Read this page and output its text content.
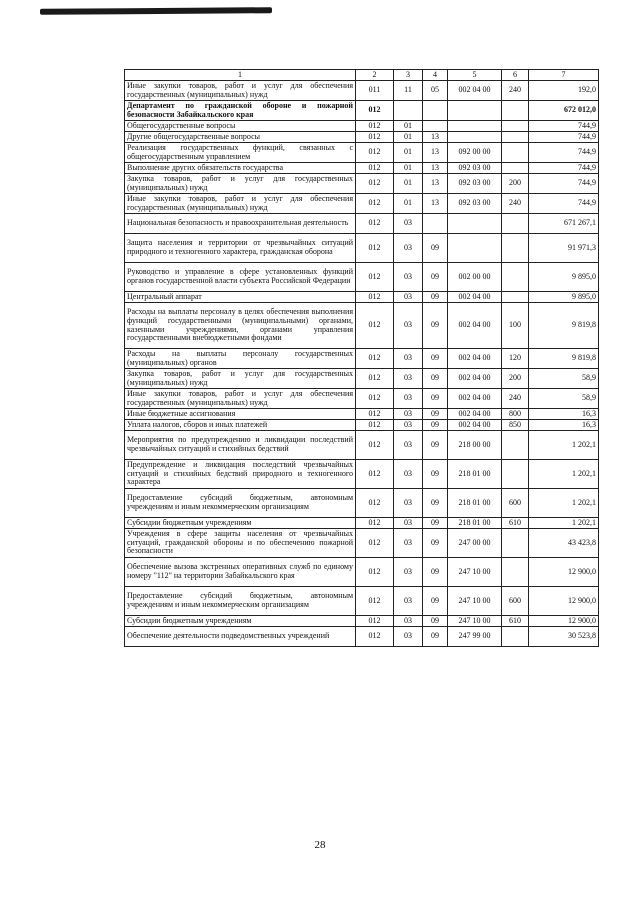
1	2	3	4	5	6	7
Иные закупки товаров, работ и услуг для обеспечения государственных (муниципальных) нужд	011	11	05	002 04 00	240	192,0
Департамент по гражданской обороне и пожарной безопасности Забайкальского края	012					672 012,0
Общегосударственные вопросы	012	01				744,9
Другие общегосударственные вопросы	012	01	13			744,9
Реализация государственных функций, связанных с общегосударственным управлением	012	01	13	092 00 00		744,9
Выполнение других обязательств государства	012	01	13	092 03 00		744,9
Закупка товаров, работ и услуг для государственных (муниципальных) нужд	012	01	13	092 03 00	200	744,9
Иные закупки товаров, работ и услуг для обеспечения государственных (муниципальных) нужд	012	01	13	092 03 00	240	744,9
Национальная безопасность и правоохранительная деятельность	012	03				671 267,1
Защита населения и территории от чрезвычайных ситуаций природного и техногенного характера, гражданская оборона	012	03	09			91 971,3
Руководство и управление в сфере установленных функций органов государственной власти субъекта Российской Федерации	012	03	09	002 00 00		9 895,0
Центральный аппарат	012	03	09	002 04 00		9 895,0
Расходы на выплаты персоналу в целях обеспечения выполнения функций государственными (муниципальными) органами, казенными учреждениями, органами управления государственными внебюджетными фондами	012	03	09	002 04 00	100	9 819,8
Расходы на выплаты персоналу государственных (муниципальных) органов	012	03	09	002 04 00	120	9 819,8
Закупка товаров, работ и услуг для государственных (муниципальных) нужд	012	03	09	002 04 00	200	58,9
Иные закупки товаров, работ и услуг для обеспечения государственных (муниципальных) нужд	012	03	09	002 04 00	240	58,9
Иные бюджетные ассигнования	012	03	09	002 04 00	800	16,3
Уплата налогов, сборов и иных платежей	012	03	09	002 04 00	850	16,3
Мероприятия по предупреждению и ликвидации последствий чрезвычайных ситуаций и стихийных бедствий	012	03	09	218 00 00		1 202,1
Предупреждение и ликвидация последствий чрезвычайных ситуаций и стихийных бедствий природного и техногенного характера	012	03	09	218 01 00		1 202,1
Предоставление субсидий бюджетным, автономным учреждениям и иным некоммерческим организациям	012	03	09	218 01 00	600	1 202,1
Субсидии бюджетным учреждениям	012	03	09	218 01 00	610	1 202,1
Учреждения в сфере защиты населения от чрезвычайных ситуаций, гражданской обороны и по обеспечению пожарной безопасности	012	03	09	247 00 00		43 423,8
Обеспечение вызова экстренных оперативных служб по единому номеру "112" на территории Забайкальского края	012	03	09	247 10 00		12 900,0
Предоставление субсидий бюджетным, автономным учреждениям и иным некоммерческим организациям	012	03	09	247 10 00	600	12 900,0
Субсидии бюджетным учреждениям	012	03	09	247 10 00	610	12 900,0
Обеспечение деятельности подведомственных учреждений	012	03	09	247 99 00		30 523,8
28
